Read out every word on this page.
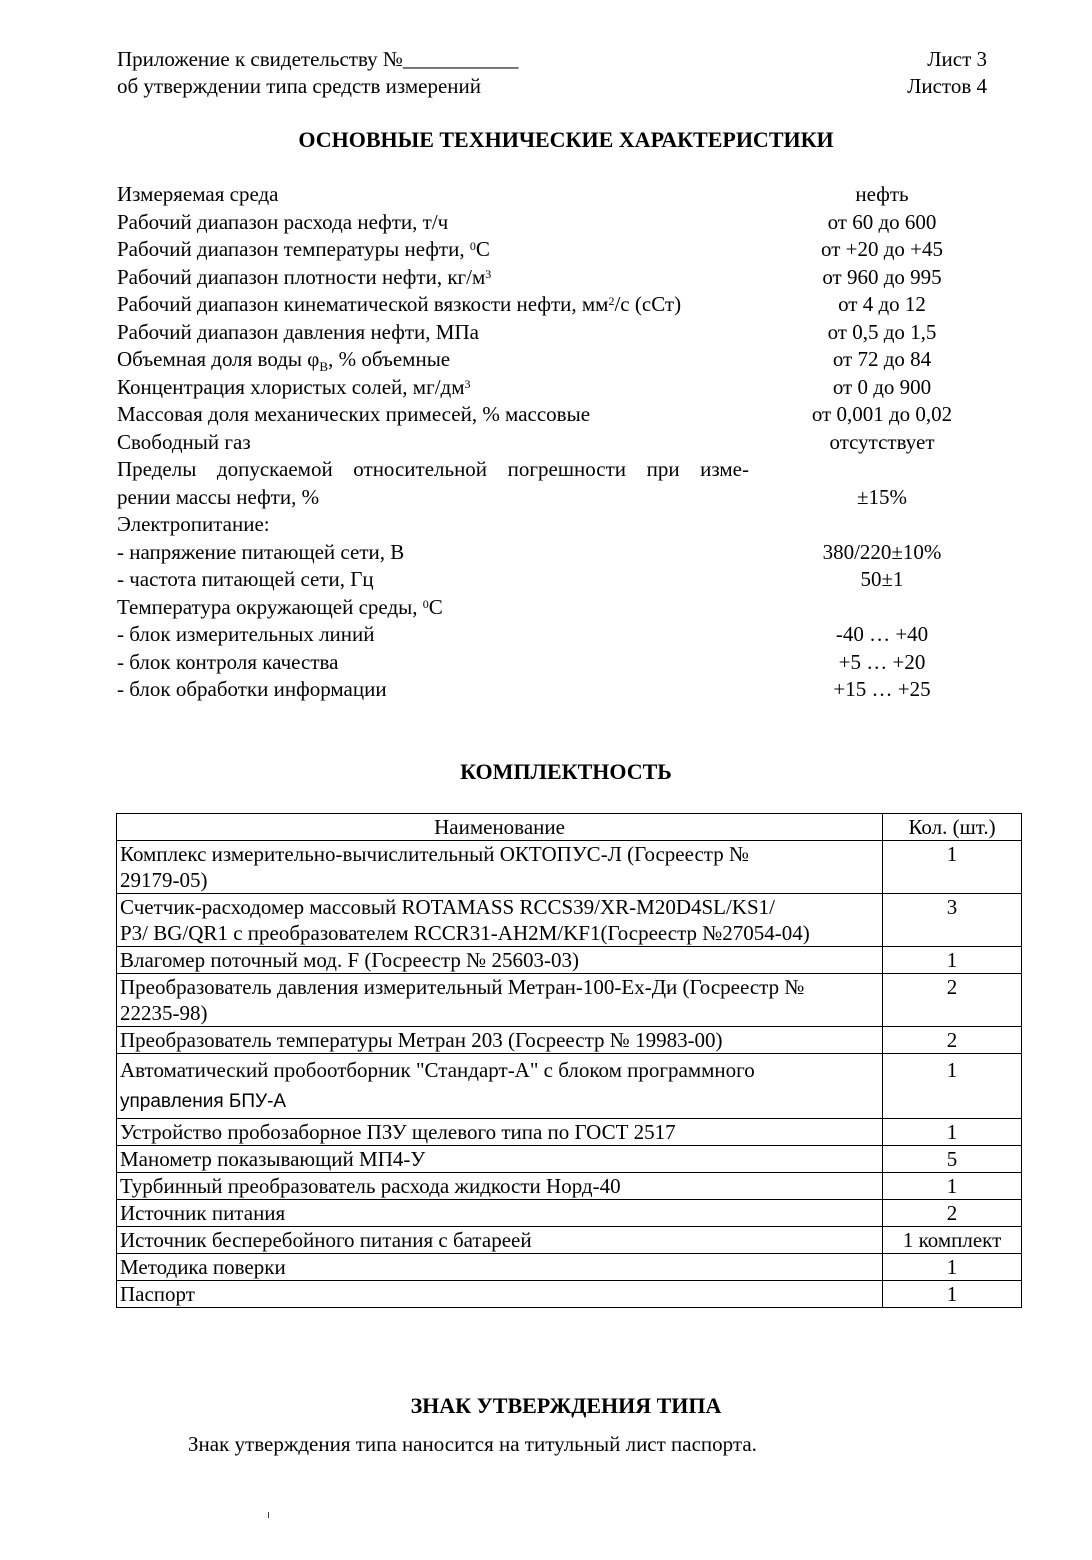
Приложение к свидетельству №___________
об утверждении типа средств измерений
Лист 3
Листов 4
ОСНОВНЫЕ ТЕХНИЧЕСКИЕ ХАРАКТЕРИСТИКИ
Измеряемая среда	нефть
Рабочий диапазон расхода нефти, т/ч	от 60 до 600
Рабочий диапазон температуры нефти, $^0$С	от +20 до +45
Рабочий диапазон плотности нефти, $кг/м^3$	от 960 до 995
Рабочий диапазон кинематической вязкости нефти, $мм^2/с$ (сСт)	от 4 до 12
Рабочий диапазон давления нефти, МПа	от 0,5 до 1,5
Объемная доля воды $\varphi_В$, % объемные	от 72 до 84
Концентрация хлористых солей, $мг/дм^3$	от 0 до 900
Массовая доля механических примесей, % массовые	от 0,001 до 0,02
Свободный газ	отсутствует
Пределы допускаемой относительной погрешности при изме-
рении массы нефти, %	±15%
Электропитание:
- напряжение питающей сети, В	380/220±10%
- частота питающей сети, Гц	50±1
Температура окружающей среды, $^0$С
- блок измерительных линий	-40 … +40
- блок контроля качества	+5 … +20
- блок обработки информации	+15 … +25
КОМПЛЕКТНОСТЬ
Наименование	Кол. (шт.)

Комплекс измерительно-вычислительный ОКТОПУС-Л (Госреестр №
29179-05)	1

Счетчик-расходомер массовый ROTAMASS RCCS39/XR-M20D4SL/KS1/
P3/ BG/QR1 с преобразователем RCCR31-AH2M/KF1(Госреестр №27054-04)	3
Влагомер поточный мод. F (Госреестр № 25603-03)	1

Преобразователь давления измерительный Метран-100-Ех-Ди (Госреестр №
22235-98)	2
Преобразователь температуры Метран 203 (Госреестр № 19983-00)	2

Автоматический пробоотборник "Стандарт-А" с блоком программного
управления БПУ-А	1
Устройство пробозаборное ПЗУ щелевого типа по ГОСТ 2517	1
Манометр показывающий МП4-У	5
Турбинный преобразователь расхода жидкости Норд-40	1
Источник питания	2
Источник бесперебойного питания с батареей	1 комплект
Методика поверки	1
Паспорт	1
ЗНАК УТВЕРЖДЕНИЯ ТИПА
Знак утверждения типа наносится на титульный лист паспорта.
